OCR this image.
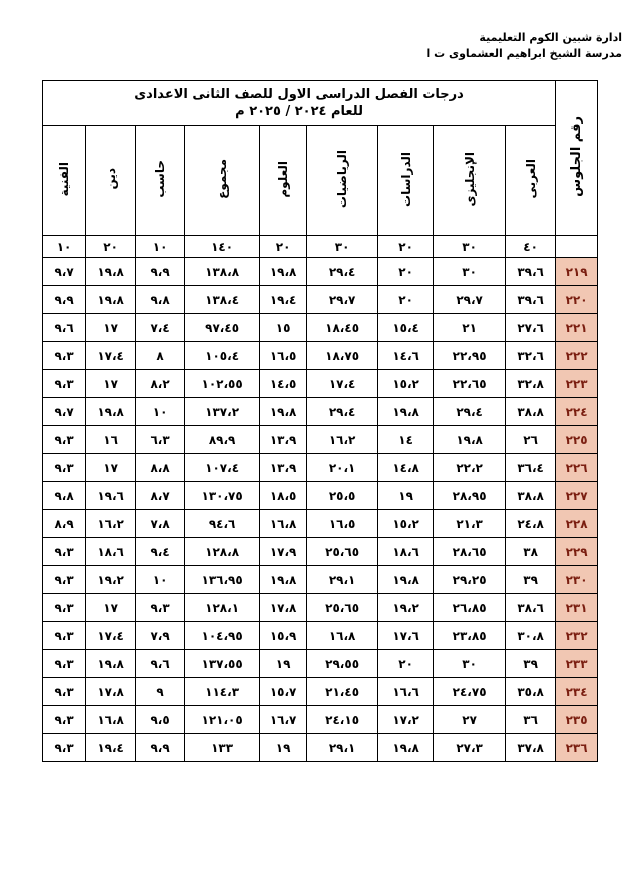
ادارة شبين الكوم التعليمية
مدرسة الشيخ ابراهيم العشماوى ت ا
رقم الجلوس	درجات الفصل الدراسى الاول للصف الثانى الاعدادى
للعام ٢٠٢٤ / ٢٠٢٥ م								

	العربى	الإنجليزى	الدراسات	الرياضيات	العلوم	مجموع	حاسب	دين	الفنية
	٤٠	٣٠	٢٠	٣٠	٢٠	١٤٠	١٠	٢٠	١٠
٢١٩	٣٩،٦	٣٠	٢٠	٢٩،٤	١٩،٨	١٣٨،٨	٩،٩	١٩،٨	٩،٧
٢٢٠	٣٩،٦	٢٩،٧	٢٠	٢٩،٧	١٩،٤	١٣٨،٤	٩،٨	١٩،٨	٩،٩
٢٢١	٢٧،٦	٢١	١٥،٤	١٨،٤٥	١٥	٩٧،٤٥	٧،٤	١٧	٩،٦
٢٢٢	٣٢،٦	٢٢،٩٥	١٤،٦	١٨،٧٥	١٦،٥	١٠٥،٤	٨	١٧،٤	٩،٣
٢٢٣	٣٢،٨	٢٢،٦٥	١٥،٢	١٧،٤	١٤،٥	١٠٢،٥٥	٨،٢	١٧	٩،٣
٢٢٤	٣٨،٨	٢٩،٤	١٩،٨	٢٩،٤	١٩،٨	١٣٧،٢	١٠	١٩،٨	٩،٧
٢٢٥	٢٦	١٩،٨	١٤	١٦،٢	١٣،٩	٨٩،٩	٦،٣	١٦	٩،٣
٢٢٦	٣٦،٤	٢٢،٢	١٤،٨	٢٠،١	١٣،٩	١٠٧،٤	٨،٨	١٧	٩،٣
٢٢٧	٣٨،٨	٢٨،٩٥	١٩	٢٥،٥	١٨،٥	١٣٠،٧٥	٨،٧	١٩،٦	٩،٨
٢٢٨	٢٤،٨	٢١،٣	١٥،٢	١٦،٥	١٦،٨	٩٤،٦	٧،٨	١٦،٢	٨،٩
٢٢٩	٣٨	٢٨،٦٥	١٨،٦	٢٥،٦٥	١٧،٩	١٢٨،٨	٩،٤	١٨،٦	٩،٣
٢٣٠	٣٩	٢٩،٢٥	١٩،٨	٢٩،١	١٩،٨	١٣٦،٩٥	١٠	١٩،٢	٩،٣
٢٣١	٣٨،٦	٢٦،٨٥	١٩،٢	٢٥،٦٥	١٧،٨	١٢٨،١	٩،٣	١٧	٩،٣
٢٣٢	٣٠،٨	٢٣،٨٥	١٧،٦	١٦،٨	١٥،٩	١٠٤،٩٥	٧،٩	١٧،٤	٩،٣
٢٣٣	٣٩	٣٠	٢٠	٢٩،٥٥	١٩	١٣٧،٥٥	٩،٦	١٩،٨	٩،٣
٢٣٤	٣٥،٨	٢٤،٧٥	١٦،٦	٢١،٤٥	١٥،٧	١١٤،٣	٩	١٧،٨	٩،٣
٢٣٥	٣٦	٢٧	١٧،٢	٢٤،١٥	١٦،٧	١٢١،٠٥	٩،٥	١٦،٨	٩،٣
٢٣٦	٣٧،٨	٢٧،٣	١٩،٨	٢٩،١	١٩	١٣٣	٩،٩	١٩،٤	٩،٣
